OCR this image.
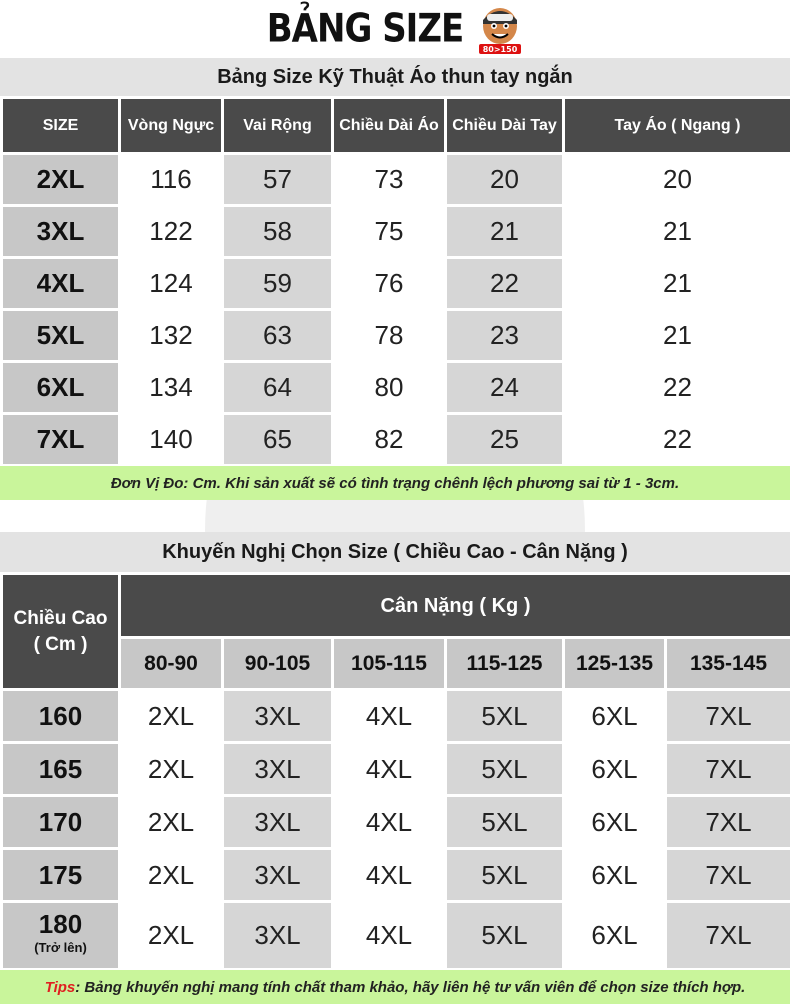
BẢNG SIZE 80>150
Bảng Size Kỹ Thuật Áo thun tay ngắn
SIZE	Vòng Ngực	Vai Rộng	Chiều Dài Áo	Chiều Dài Tay	Tay Áo ( Ngang )
2XL	116	57	73	20	20
3XL	122	58	75	21	21
4XL	124	59	76	22	21
5XL	132	63	78	23	21
6XL	134	64	80	24	22
7XL	140	65	82	25	22
Đơn Vị Đo: Cm. Khi sản xuất sẽ có tình trạng chênh lệch phương sai từ 1 - 3cm.
Khuyến Nghị Chọn Size ( Chiều Cao - Cân Nặng )
Chiều Cao
( Cm )	Cân Nặng ( Kg )					
	80-90	90-105	105-115	115-125	125-135	135-145
160	2XL	3XL	4XL	5XL	6XL	7XL
165	2XL	3XL	4XL	5XL	6XL	7XL
170	2XL	3XL	4XL	5XL	6XL	7XL
175	2XL	3XL	4XL	5XL	6XL	7XL

180
(Trở lên)	2XL	3XL	4XL	5XL	6XL	7XL
Tips : Bảng khuyến nghị mang tính chất tham khảo, hãy liên hệ tư vấn viên để chọn size thích hợp.
